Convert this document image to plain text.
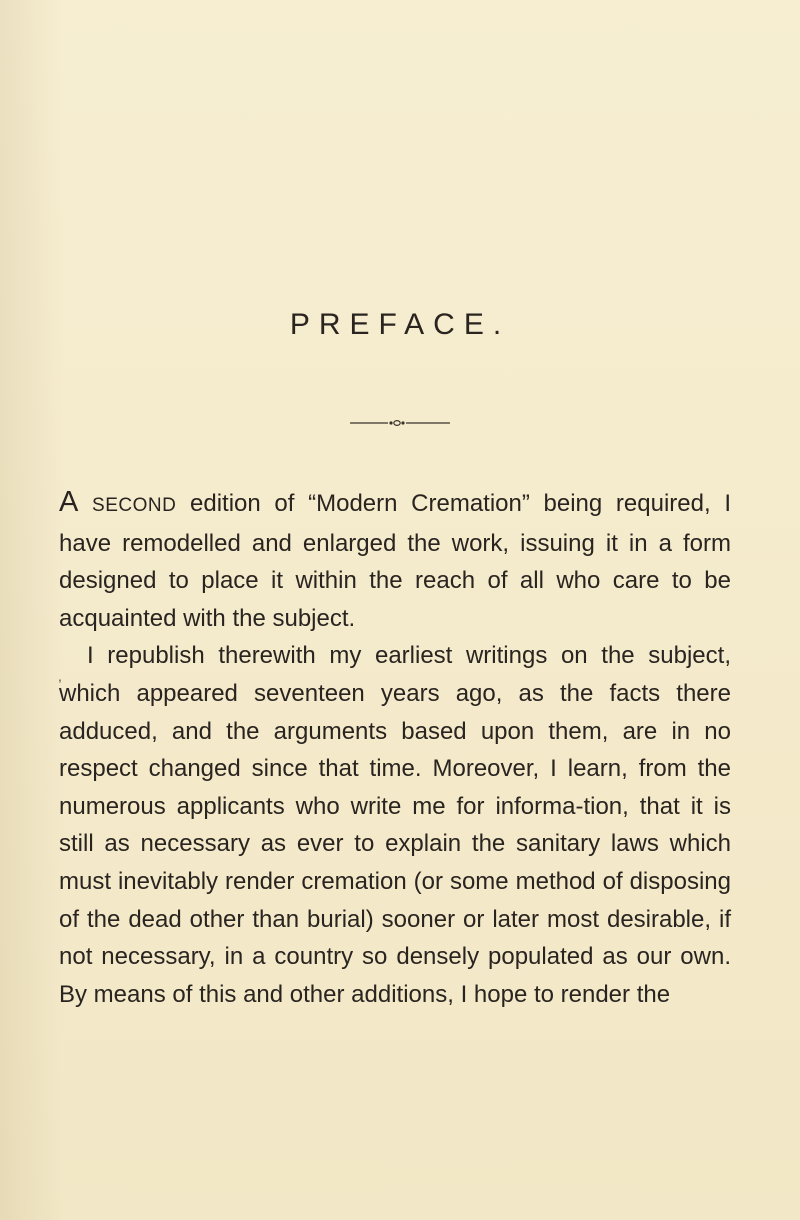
PREFACE.
,

A SECOND edition of “Modern Cremation” being required, I have remodelled and enlarged the work, issuing it in a form designed to place it within the reach of all who care to be acquainted with the subject.

I republish therewith my earliest writings on the subject, which appeared seventeen years ago, as the facts there adduced, and the arguments based upon them, are in no respect changed since that time. Moreover, I learn, from the numerous applicants who write me for informa-tion, that it is still as necessary as ever to explain the sanitary laws which must inevitably render cremation (or some method of disposing of the dead other than burial) sooner or later most desirable, if not necessary, in a country so densely populated as our own. By means of this and other additions, I hope to render the
